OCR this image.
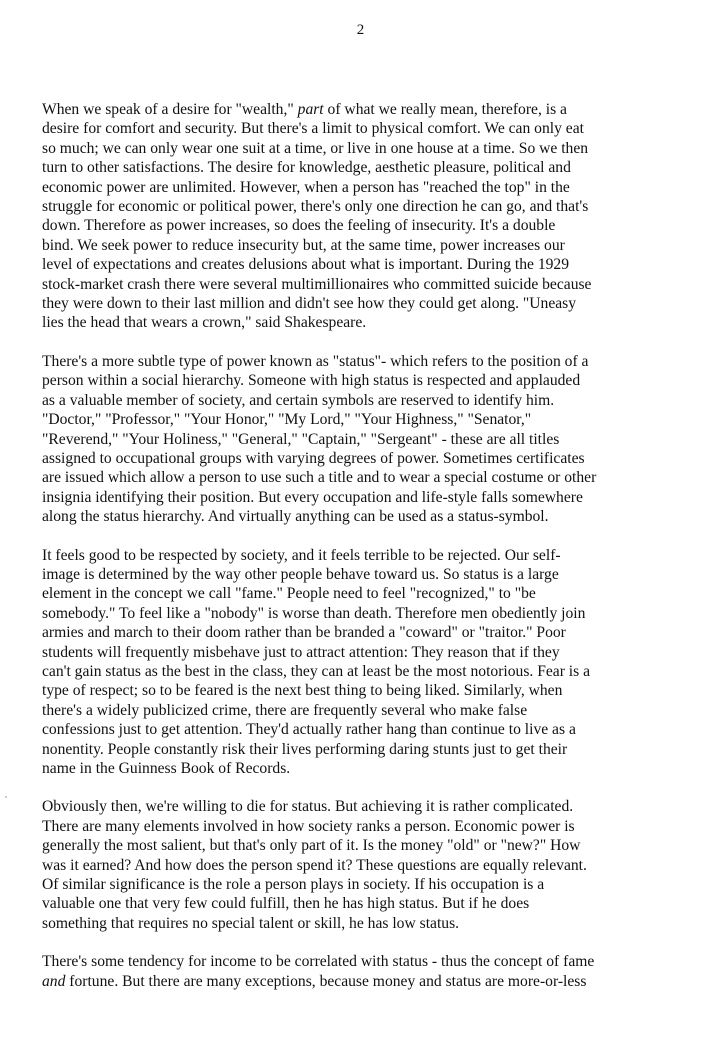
2
When we speak of a desire for "wealth," part of what we really mean, therefore, is a
desire for comfort and security. But there's a limit to physical comfort. We can only eat
so much; we can only wear one suit at a time, or live in one house at a time. So we then
turn to other satisfactions. The desire for knowledge, aesthetic pleasure, political and
economic power are unlimited. However, when a person has "reached the top" in the
struggle for economic or political power, there's only one direction he can go, and that's
down. Therefore as power increases, so does the feeling of insecurity. It's a double
bind. We seek power to reduce insecurity but, at the same time, power increases our
level of expectations and creates delusions about what is important. During the 1929
stock-market crash there were several multimillionaires who committed suicide because
they were down to their last million and didn't see how they could get along. "Uneasy
lies the head that wears a crown," said Shakespeare.
There's a more subtle type of power known as "status"- which refers to the position of a
person within a social hierarchy. Someone with high status is respected and applauded
as a valuable member of society, and certain symbols are reserved to identify him.
"Doctor," "Professor," "Your Honor," "My Lord," "Your Highness," "Senator,"
"Reverend," "Your Holiness," "General," "Captain," "Sergeant" - these are all titles
assigned to occupational groups with varying degrees of power. Sometimes certificates
are issued which allow a person to use such a title and to wear a special costume or other
insignia identifying their position. But every occupation and life-style falls somewhere
along the status hierarchy. And virtually anything can be used as a status-symbol.
It feels good to be respected by society, and it feels terrible to be rejected. Our self-
image is determined by the way other people behave toward us. So status is a large
element in the concept we call "fame." People need to feel "recognized," to "be
somebody." To feel like a "nobody" is worse than death. Therefore men obediently join
armies and march to their doom rather than be branded a "coward" or "traitor." Poor
students will frequently misbehave just to attract attention: They reason that if they
can't gain status as the best in the class, they can at least be the most notorious. Fear is a
type of respect; so to be feared is the next best thing to being liked. Similarly, when
there's a widely publicized crime, there are frequently several who make false
confessions just to get attention. They'd actually rather hang than continue to live as a
nonentity. People constantly risk their lives performing daring stunts just to get their
name in the Guinness Book of Records.
Obviously then, we're willing to die for status. But achieving it is rather complicated.
There are many elements involved in how society ranks a person. Economic power is
generally the most salient, but that's only part of it. Is the money "old" or "new?" How
was it earned? And how does the person spend it? These questions are equally relevant.
Of similar significance is the role a person plays in society. If his occupation is a
valuable one that very few could fulfill, then he has high status. But if he does
something that requires no special talent or skill, he has low status.
There's some tendency for income to be correlated with status - thus the concept of fame
and fortune. But there are many exceptions, because money and status are more-or-less
